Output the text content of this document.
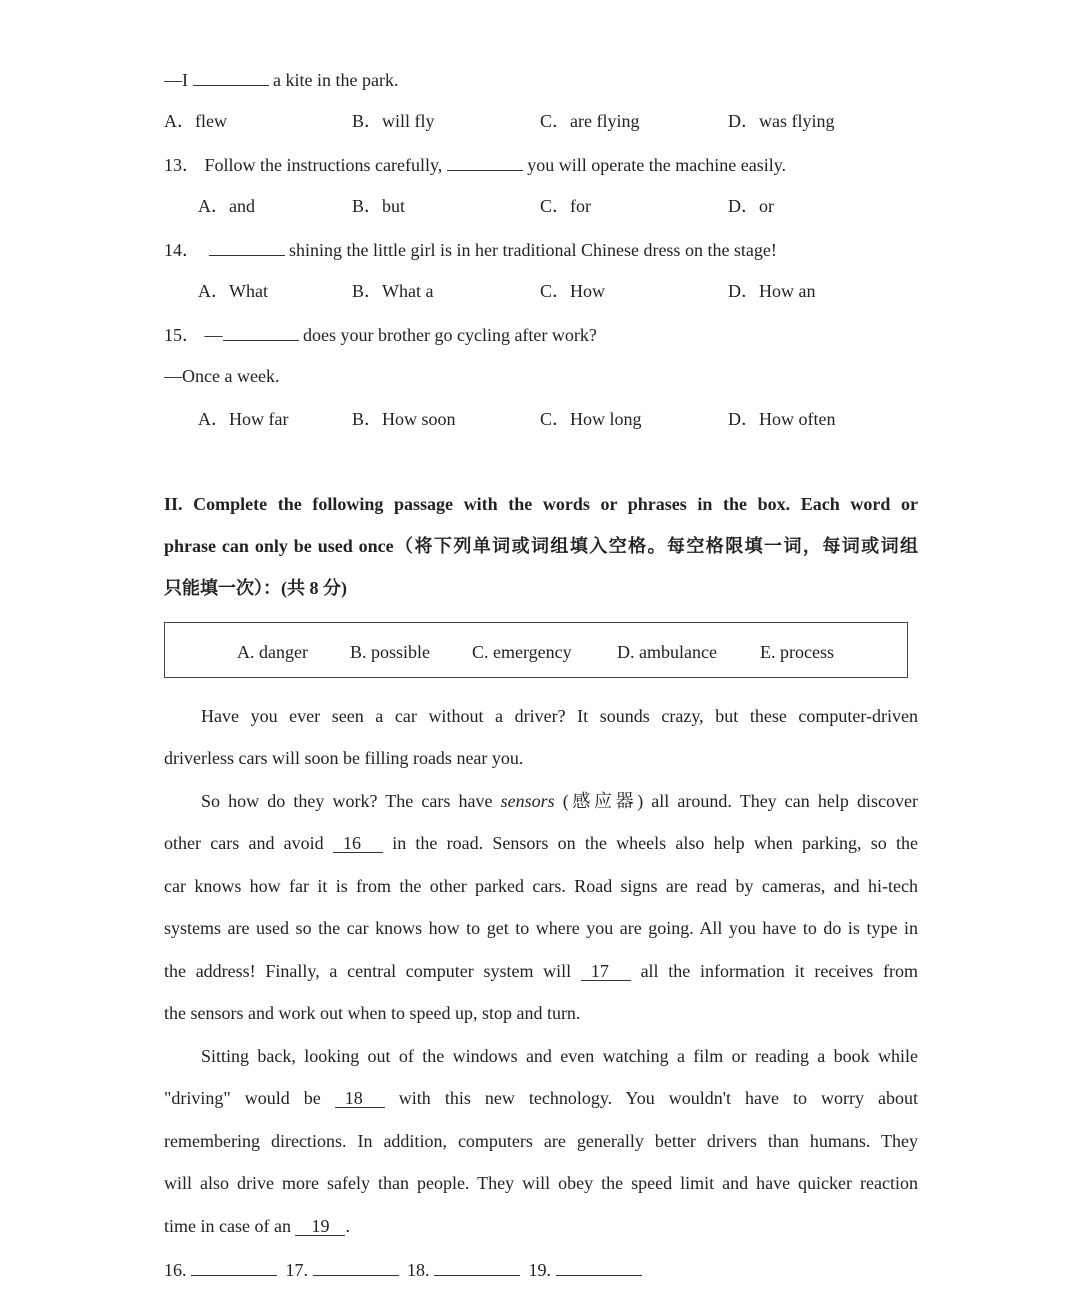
—I	a kite in the park.
A．flew	B．will fly	C．are flying	D．was flying
13． Follow the instructions carefully,	you will operate the machine easily.
A．and	B．but	C．for	D．or
14．	shining the little girl is in her traditional Chinese dress on the stage!
A．What	B．What a	C．How	D．How an
15． —	does your brother go cycling after work?
—Once a week.
A．How far	B．How soon	C．How long	D．How often
II. Complete the following passage with the words or phrases in the box. Each word or
phrase can only be used once（将下列单词或词组填入空格。每空格限填一词，每词或词组
只能填一次）：(共 8 分)
A. danger B. possible C. emergency	D. ambulance E. process
Have you ever seen a car without a driver? It sounds crazy, but these computer-driven
driverless cars will soon be filling roads near you.
So how do they work? The cars have sensors (感应器) all around. They can help discover
other cars and avoid 16 in the road. Sensors on the wheels also help when parking, so the
car knows how far it is from the other parked cars. Road signs are read by cameras, and hi-tech
systems are used so the car knows how to get to where you are going. All you have to do is type in
the address! Finally, a central computer system will 17 all the information it receives from
the sensors and work out when to speed up, stop and turn.
Sitting back, looking out of the windows and even watching a film or reading a book while
"driving" would be 18 with this new technology. You wouldn't have to worry about
remembering directions. In addition, computers are generally better drivers than humans. They
will also drive more safely than people. They will obey the speed limit and have quicker reaction
time in case of an 19 .
16.	17.	18.	19.
